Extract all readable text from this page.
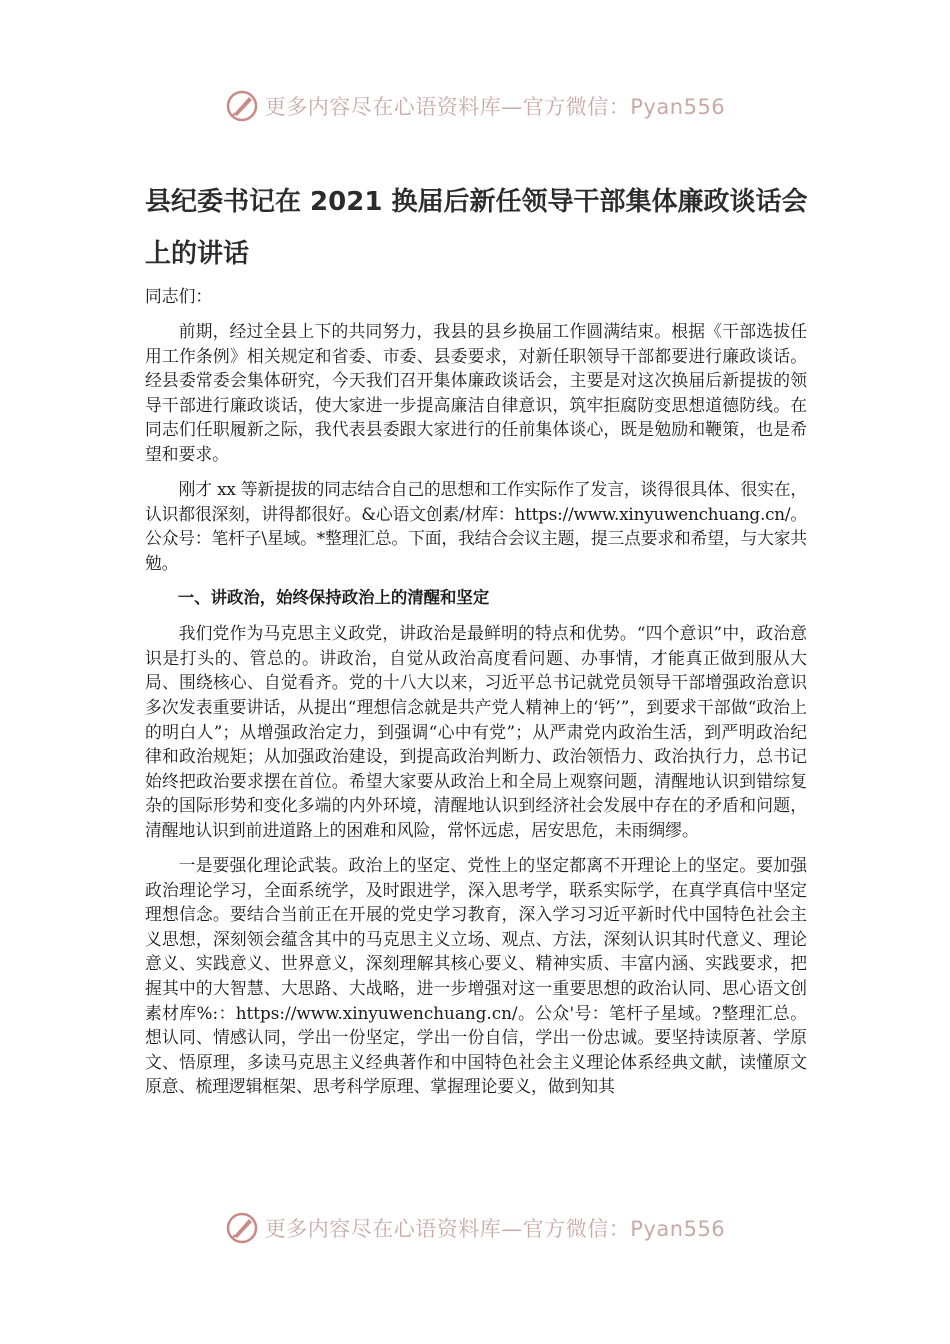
更多内容尽在心语资料库—官方微信：Pyan556
县纪委书记在 2021 换届后新任领导干部集体廉政谈话会上的讲话

同志们：

前期，经过全县上下的共同努力，我县的县乡换届工作圆满结束。根据《干部选拔任用工作条例》相关规定和省委、市委、县委要求，对新任职领导干部都要进行廉政谈话。经县委常委会集体研究，今天我们召开集体廉政谈话会，主要是对这次换届后新提拔的领导干部进行廉政谈话，使大家进一步提高廉洁自律意识，筑牢拒腐防变思想道德防线。在同志们任职履新之际，我代表县委跟大家进行的任前集体谈心，既是勉励和鞭策，也是希望和要求。

刚才 xx 等新提拔的同志结合自己的思想和工作实际作了发言，谈得很具体、很实在，认识都很深刻，讲得都很好。&心语文创素/材库：https://www.xinyuwenchuang.cn/。公众号：笔杆子\星域。*整理汇总。下面，我结合会议主题，提三点要求和希望，与大家共勉。

一、讲政治，始终保持政治上的清醒和坚定

我们党作为马克思主义政党，讲政治是最鲜明的特点和优势。“四个意识”中，政治意识是打头的、管总的。讲政治，自觉从政治高度看问题、办事情，才能真正做到服从大局、围绕核心、自觉看齐。党的十八大以来，习近平总书记就党员领导干部增强政治意识多次发表重要讲话，从提出“理想信念就是共产党人精神上的‘钙’”，到要求干部做“政治上的明白人”；从增强政治定力，到强调“心中有党”；从严肃党内政治生活，到严明政治纪律和政治规矩；从加强政治建设，到提高政治判断力、政治领悟力、政治执行力，总书记始终把政治要求摆在首位。希望大家要从政治上和全局上观察问题，清醒地认识到错综复杂的国际形势和变化多端的内外环境，清醒地认识到经济社会发展中存在的矛盾和问题，清醒地认识到前进道路上的困难和风险，常怀远虑，居安思危，未雨绸缪。

一是要强化理论武装。政治上的坚定、党性上的坚定都离不开理论上的坚定。要加强政治理论学习，全面系统学，及时跟进学，深入思考学，联系实际学，在真学真信中坚定理想信念。要结合当前正在开展的党史学习教育，深入学习习近平新时代中国特色社会主义思想，深刻领会蕴含其中的马克思主义立场、观点、方法，深刻认识其时代意义、理论意义、实践意义、世界意义，深刻理解其核心要义、精神实质、丰富内涵、实践要求，把握其中的大智慧、大思路、大战略，进一步增强对这一重要思想的政治认同、思心语文创素材库%:：https://www.xinyuwenchuang.cn/。公众'号：笔杆子星域。?整理汇总。想认同、情感认同，学出一份坚定，学出一份自信，学出一份忠诚。要坚持读原著、学原文、悟原理，多读马克思主义经典著作和中国特色社会主义理论体系经典文献，读懂原文原意、梳理逻辑框架、思考科学原理、掌握理论要义，做到知其

更多内容尽在心语资料库—官方微信：Pyan556
